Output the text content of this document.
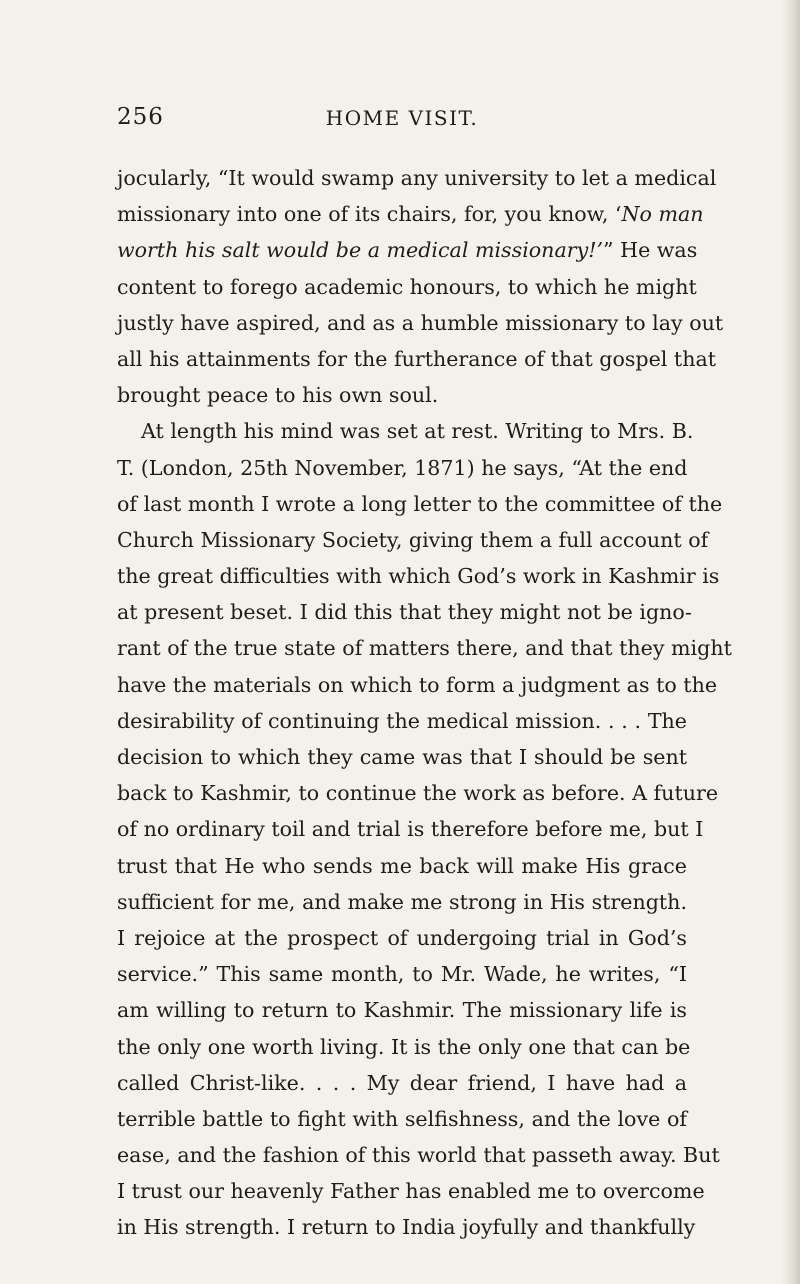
256	HOME VISIT.
jocularly, “It would swamp any university to let a medical
missionary into one of its chairs, for, you know, ‘No man
worth his salt would be a medical missionary!’” He was
content to forego academic honours, to which he might
justly have aspired, and as a humble missionary to lay out
all his attainments for the furtherance of that gospel that
brought peace to his own soul.
At length his mind was set at rest. Writing to Mrs. B.
T. (London, 25th November, 1871) he says, “At the end
of last month I wrote a long letter to the committee of the
Church Missionary Society, giving them a full account of
the great difficulties with which God’s work in Kashmir is
at present beset. I did this that they might not be igno-
rant of the true state of matters there, and that they might
have the materials on which to form a judgment as to the
desirability of continuing the medical mission. . . . The
decision to which they came was that I should be sent
back to Kashmir, to continue the work as before. A future
of no ordinary toil and trial is therefore before me, but I
trust that He who sends me back will make His grace
sufficient for me, and make me strong in His strength.
I rejoice at the prospect of undergoing trial in God’s
service.” This same month, to Mr. Wade, he writes, “I
am willing to return to Kashmir. The missionary life is
the only one worth living. It is the only one that can be
called Christ-like. . . . My dear friend, I have had a
terrible battle to fight with selfishness, and the love of
ease, and the fashion of this world that passeth away. But
I trust our heavenly Father has enabled me to overcome
in His strength. I return to India joyfully and thankfully
